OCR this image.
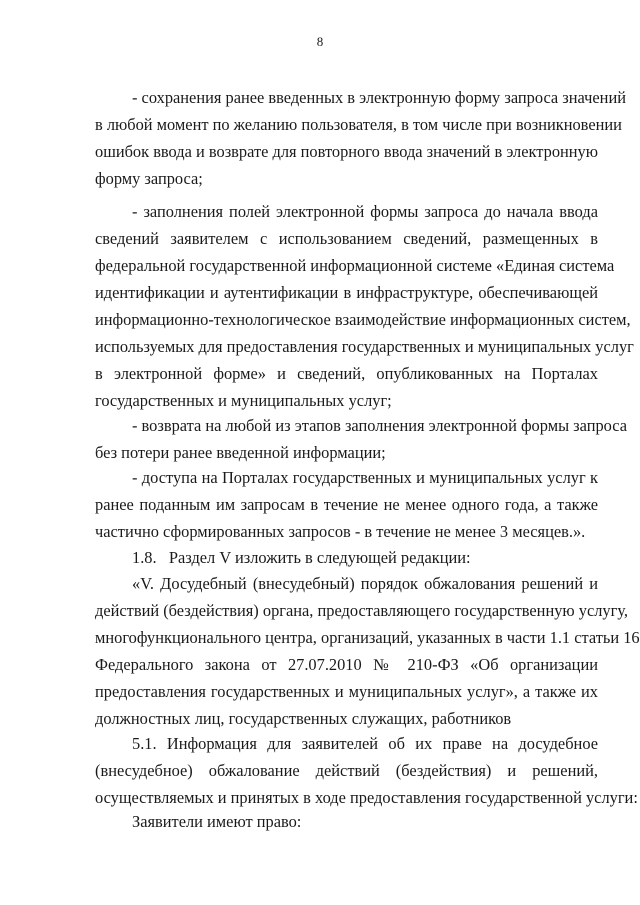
8
- сохранения ранее введенных в электронную форму запроса значений
в любой момент по желанию пользователя, в том числе при возникновении
ошибок ввода и возврате для повторного ввода значений в электронную
форму запроса;
- заполнения полей электронной формы запроса до начала ввода
сведений заявителем с использованием сведений, размещенных в
федеральной государственной информационной системе «Единая система
идентификации и аутентификации в инфраструктуре, обеспечивающей
информационно-технологическое взаимодействие информационных систем,
используемых для предоставления государственных и муниципальных услуг
в электронной форме» и сведений, опубликованных на Порталах
государственных и муниципальных услуг;
- возврата на любой из этапов заполнения электронной формы запроса
без потери ранее введенной информации;
- доступа на Порталах государственных и муниципальных услуг к
ранее поданным им запросам в течение не менее одного года, а также
частично сформированных запросов - в течение не менее 3 месяцев.».
1.8.   Раздел V изложить в следующей редакции:
«V. Досудебный (внесудебный) порядок обжалования решений и
действий (бездействия) органа, предоставляющего государственную услугу,
многофункционального центра, организаций, указанных в части 1.1 статьи 16
Федерального закона от 27.07.2010 № 210-ФЗ «Об организации
предоставления государственных и муниципальных услуг», а также их
должностных лиц, государственных служащих, работников
5.1. Информация для заявителей об их праве на досудебное
(внесудебное) обжалование действий (бездействия) и решений,
осуществляемых и принятых в ходе предоставления государственной услуги:
Заявители имеют право:
